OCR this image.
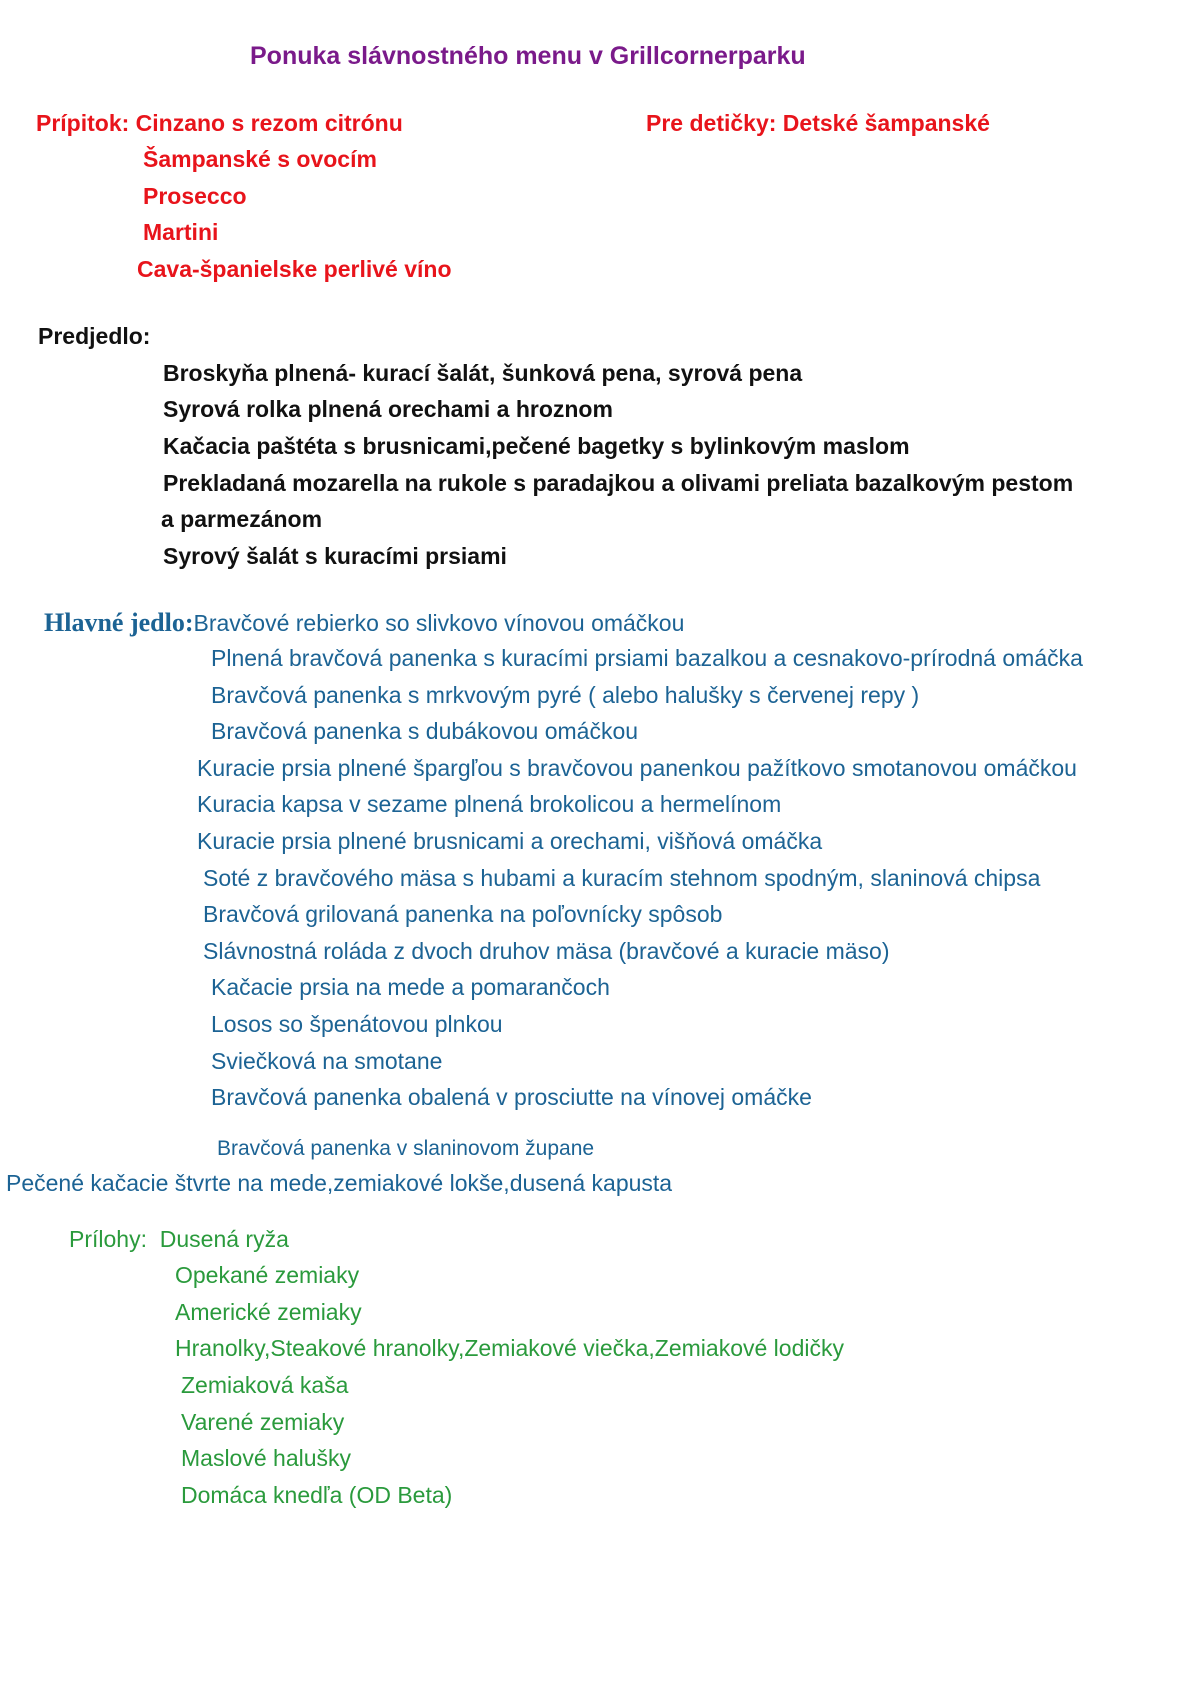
Ponuka slávnostného menu v Grillcornerparku
Prípitok: Cinzano s rezom citrónu
Šampanské s ovocím
Prosecco
Martini
Cava-španielske perlivé víno
Pre detičky: Detské šampanské
Predjedlo:
Broskyňa plnená- kurací šalát, šunková pena, syrová pena
Syrová rolka plnená orechami a hroznom
Kačacia paštéta s brusnicami,pečené bagetky s bylinkovým maslom
Prekladaná mozarella na rukole s paradajkou a olivami preliata bazalkovým pestom
a parmezánom
Syrový šalát s kuracími prsiami
Hlavné jedlo:Bravčové rebierko so slivkovo vínovou omáčkou
Plnená bravčová panenka s kuracími prsiami bazalkou a cesnakovo-prírodná omáčka
Bravčová panenka s mrkvovým pyré ( alebo halušky s červenej repy )
Bravčová panenka s dubákovou omáčkou
Kuracie prsia plnené špargľou s bravčovou panenkou pažítkovo smotanovou omáčkou
Kuracia kapsa v sezame plnená brokolicou a hermelínom
Kuracie prsia plnené brusnicami a orechami, višňová omáčka
Soté z bravčového mäsa s hubami a kuracím stehnom spodným, slaninová chipsa
Bravčová grilovaná panenka na poľovnícky spôsob
Slávnostná roláda z dvoch druhov mäsa (bravčové a kuracie mäso)
Kačacie prsia na mede a pomarančoch
Losos so špenátovou plnkou
Sviečková na smotane
Bravčová panenka obalená v prosciutte na vínovej omáčke
Bravčová panenka v slaninovom župane
Pečené kačacie štvrte na mede,zemiakové lokše,dusená kapusta
Prílohy: Dusená ryža
Opekané zemiaky
Americké zemiaky
Hranolky,Steakové hranolky,Zemiakové viečka,Zemiakové lodičky
Zemiaková kaša
Varené zemiaky
Maslové halušky
Domáca knedľa (OD Beta)
